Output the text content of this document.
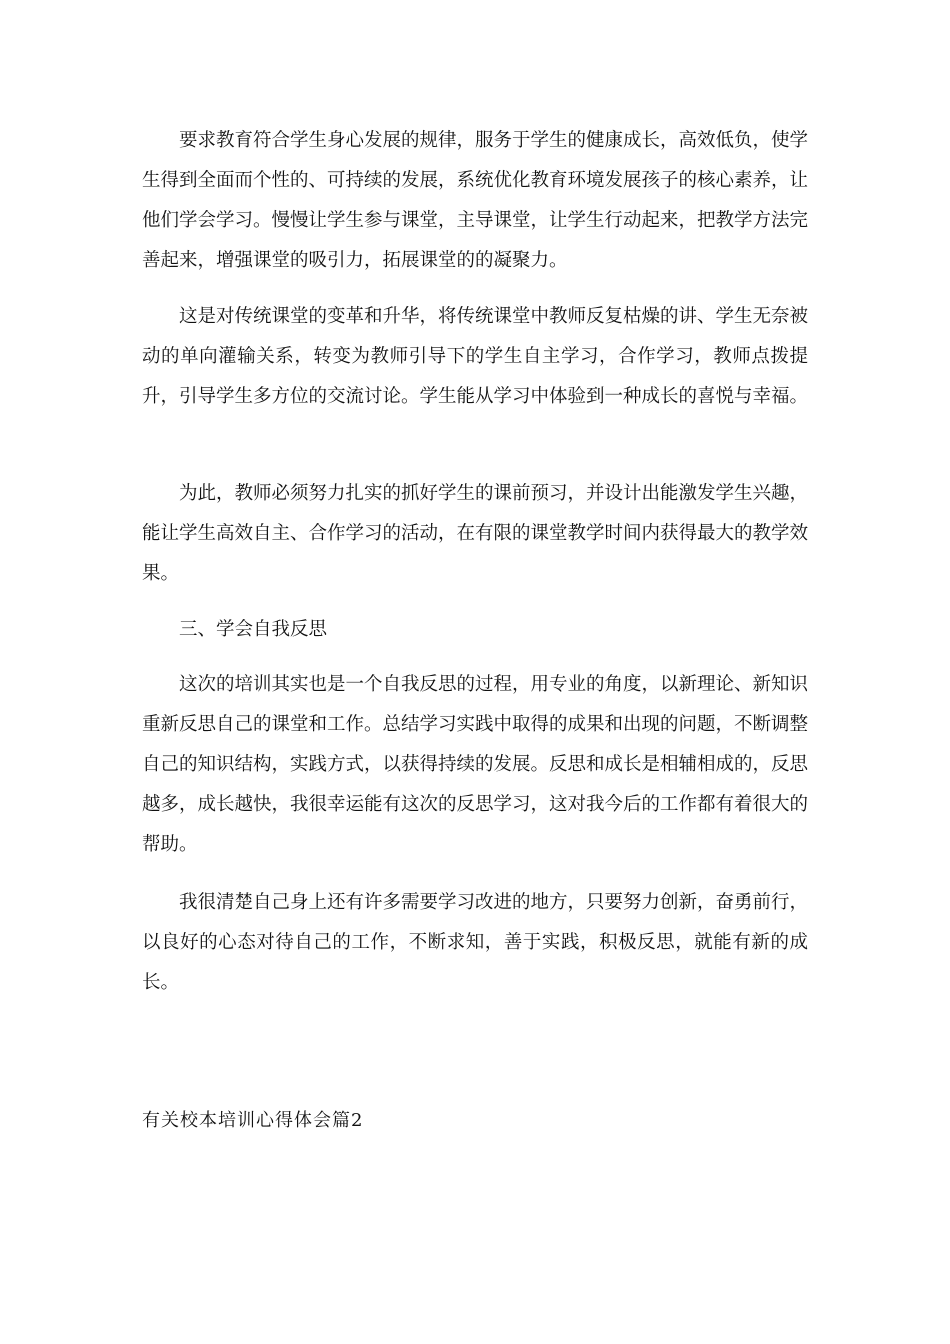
要求教育符合学生身心发展的规律，服务于学生的健康成长，高效低负，使学生得到全面而个性的、可持续的发展，系统优化教育环境发展孩子的核心素养，让他们学会学习。慢慢让学生参与课堂，主导课堂，让学生行动起来，把教学方法完善起来，增强课堂的吸引力，拓展课堂的的凝聚力。

这是对传统课堂的变革和升华，将传统课堂中教师反复枯燥的讲、学生无奈被动的单向灌输关系，转变为教师引导下的学生自主学习，合作学习，教师点拨提升，引导学生多方位的交流讨论。学生能从学习中体验到一种成长的喜悦与幸福。

为此，教师必须努力扎实的抓好学生的课前预习，并设计出能激发学生兴趣，能让学生高效自主、合作学习的活动，在有限的课堂教学时间内获得最大的教学效果。

三、学会自我反思

这次的培训其实也是一个自我反思的过程，用专业的角度，以新理论、新知识重新反思自己的课堂和工作。总结学习实践中取得的成果和出现的问题，不断调整自己的知识结构，实践方式，以获得持续的发展。反思和成长是相辅相成的，反思越多，成长越快，我很幸运能有这次的反思学习，这对我今后的工作都有着很大的帮助。

我很清楚自己身上还有许多需要学习改进的地方，只要努力创新，奋勇前行，以良好的心态对待自己的工作，不断求知，善于实践，积极反思，就能有新的成长。

有关校本培训心得体会篇2
